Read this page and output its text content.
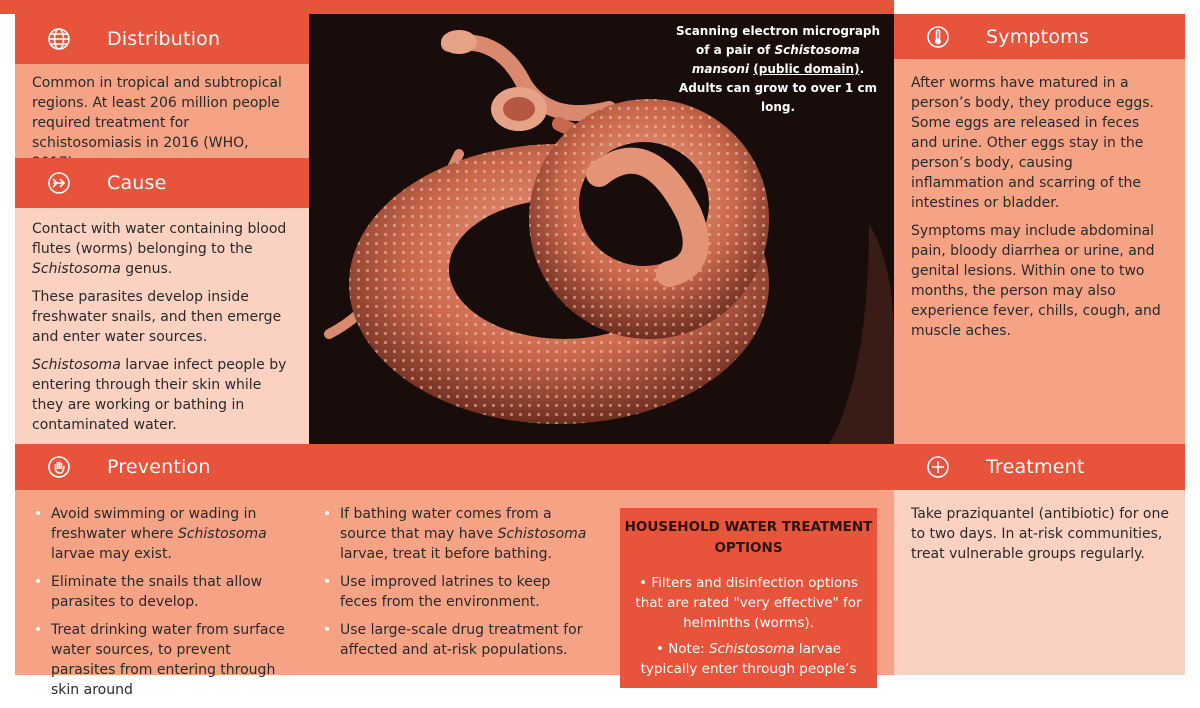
Distribution

Common in tropical and subtropical regions. At least 206 million people required treatment for schistosomiasis in 2016 (WHO,

Cause

Contact with water containing blood flutes (worms) belonging to the Schistosoma genus.

These parasites develop inside freshwater snails, and then emerge and enter water sources.

Schistosoma larvae infect people by entering through their skin while they are working or bathing in contaminated water.

Scanning electron micrograph of a pair of Schistosoma mansoni (public domain). Adults can grow to over 1 cm long.
Symptoms

After worms have matured in a person’s body, they produce eggs. Some eggs are released in feces and urine. Other eggs stay in the person’s body, causing inflammation and scarring of the intestines or bladder.

Symptoms may include abdominal pain, bloody diarrhea or urine, and genital lesions. Within one to two months, the person may also experience fever, chills, cough, and muscle aches.

Prevention
• Avoid swimming or wading in freshwater where Schistosoma larvae may exist.
• Eliminate the snails that allow parasites to develop.
• Treat drinking water from surface water sources, to prevent parasites from entering through skin around
• If bathing water comes from a source that may have Schistosoma larvae, treat it before bathing.
• Use improved latrines to keep feces from the environment.
• Use large-scale drug treatment for affected and at-risk populations.
HOUSEHOLD WATER TREATMENT OPTIONS
• Filters and disinfection options that are rated "very effective" for helminths (worms).
• Note: Schistosoma larvae typically enter through people’s
Treatment

Take praziquantel (antibiotic) for one to two days. In at-risk communities, treat vulnerable groups regularly.
